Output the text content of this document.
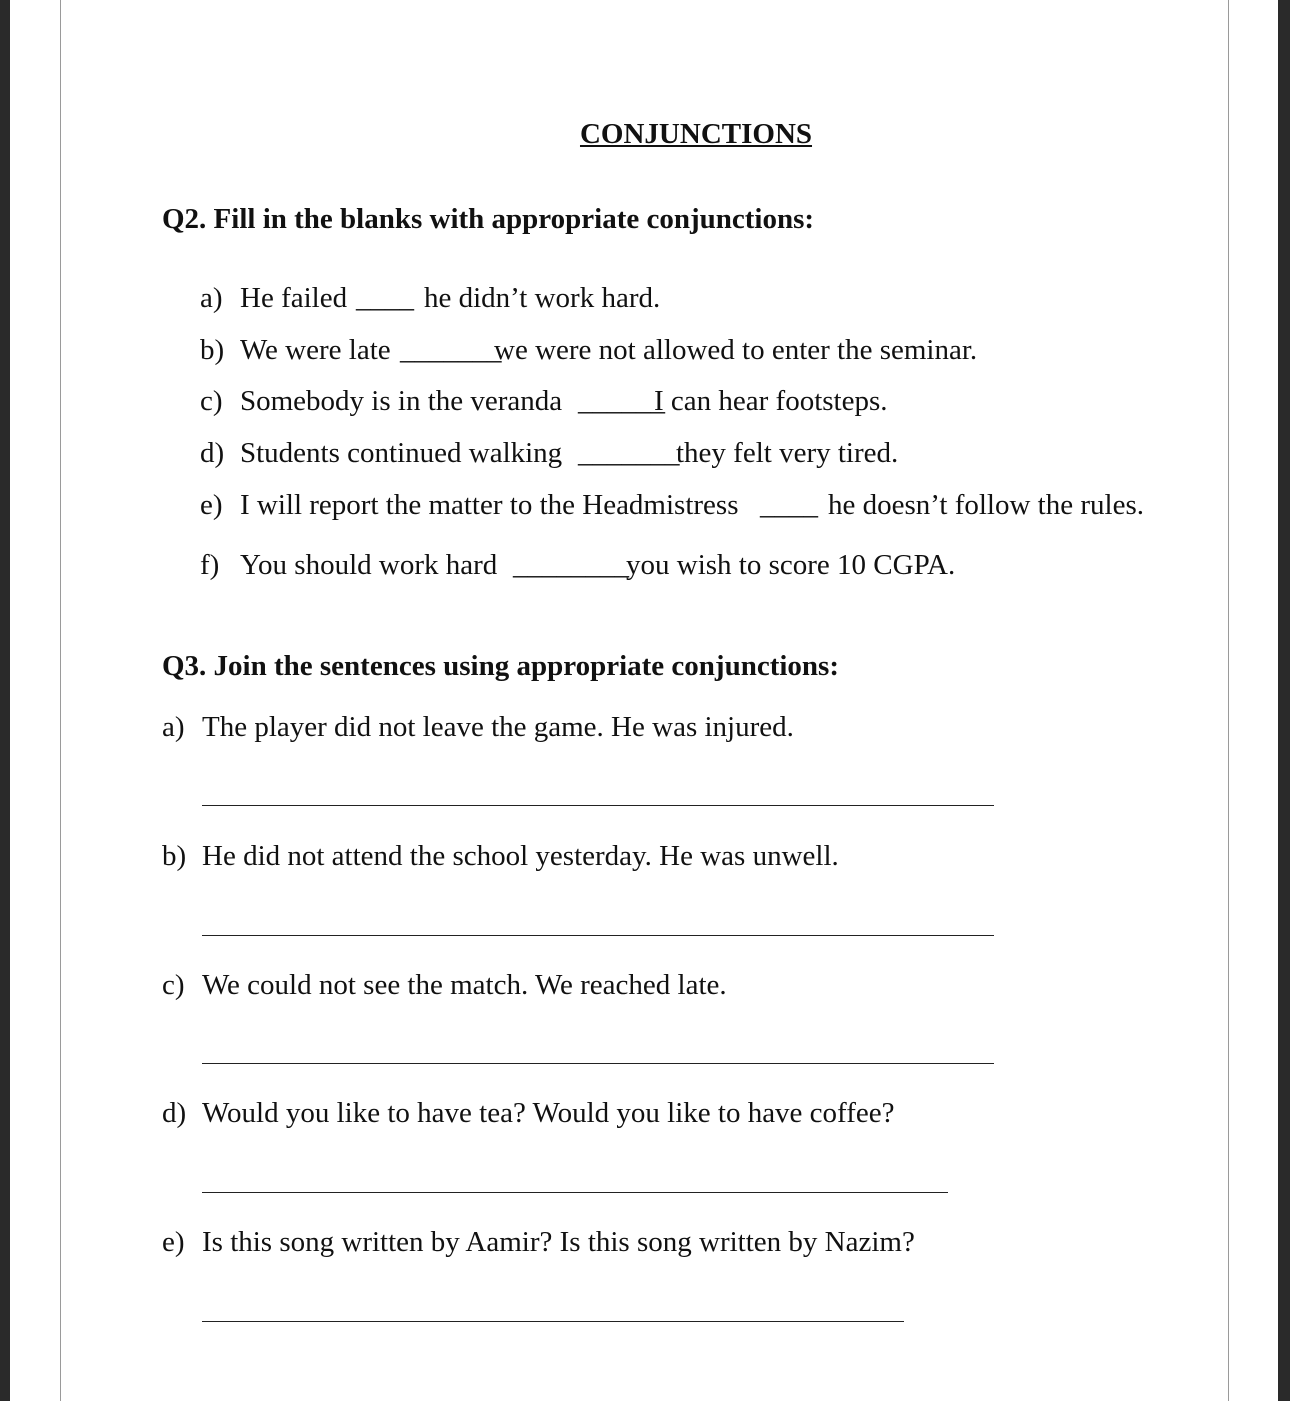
CONJUNCTIONS
Q2. Fill in the blanks with appropriate conjunctions:
a) He failed ____ he didn’t work hard.
b) We were late _______
we were not allowed to enter the seminar.
c) Somebody is in the veranda ______
I can hear footsteps.
d) Students continued walking _______
they felt very tired.
e) I will report the matter to the Headmistress ____ he doesn’t follow the rules.
f) You should work hard ________
you wish to score 10 CGPA.
Q3. Join the sentences using appropriate conjunctions:
a) The player did not leave the game. He was injured.
b) He did not attend the school yesterday. He was unwell.
c) We could not see the match. We reached late.
d) Would you like to have tea? Would you like to have coffee?
e) Is this song written by Aamir? Is this song written by Nazim?
